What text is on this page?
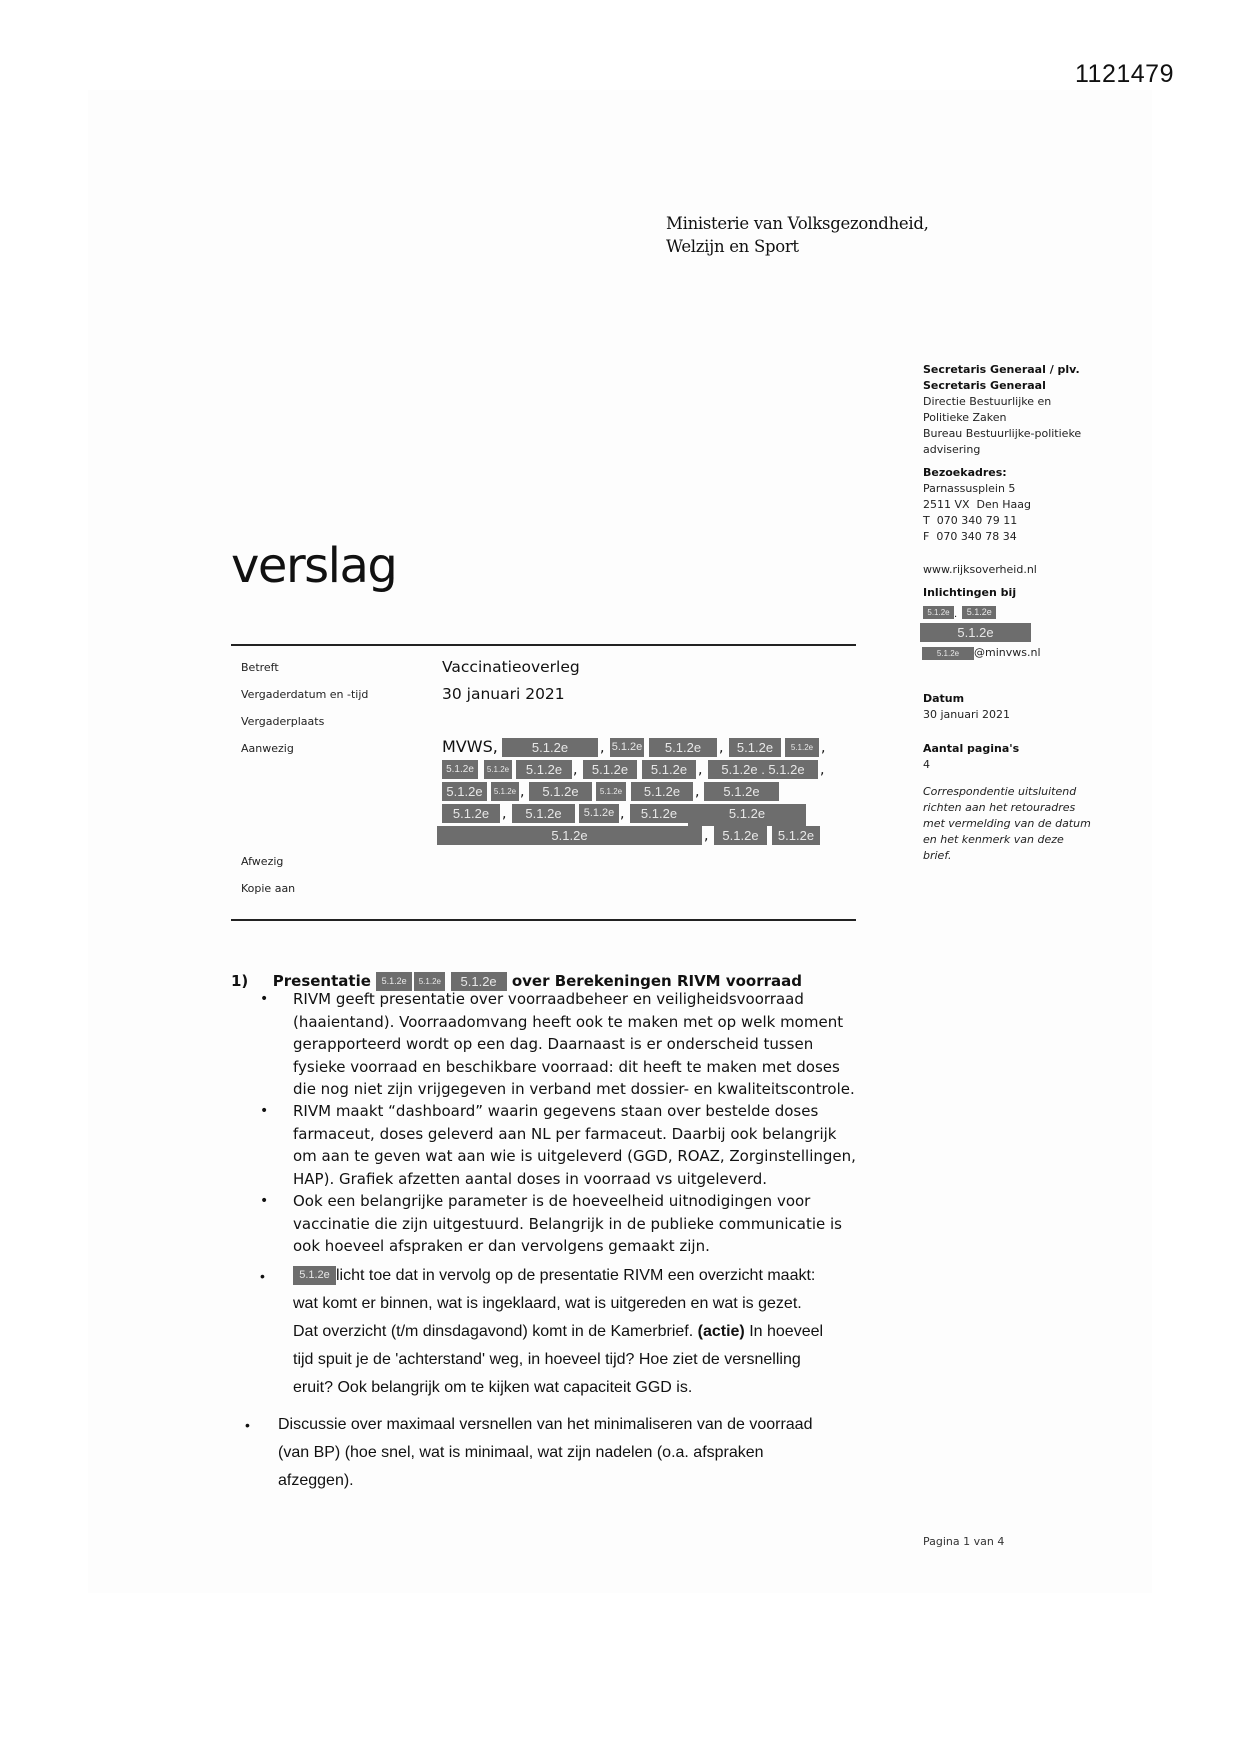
1121479
Ministerie van Volksgezondheid,
Welzijn en Sport
verslag
Secretaris Generaal / plv.
Secretaris Generaal
Directie Bestuurlijke en
Politieke Zaken
Bureau Bestuurlijke-politieke
advisering
Bezoekadres:
Parnassusplein 5
2511 VX  Den Haag
T  070 340 79 11
F  070 340 78 34
www.rijksoverheid.nl
Inlichtingen bij
5.1.2e . 5.1.2e
5.1.2e
5.1.2e @minvws.nl
Datum
30 januari 2021
Aantal pagina's
4
Correspondentie uitsluitend
richten aan het retouradres
met vermelding van de datum
en het kenmerk van deze
brief.
Betreft	Vaccinatieoverleg
Vergaderdatum en -tijd	30 januari 2021
Vergaderplaats
Aanwezig	MVWS,	5.1.2e	, 5.1.2e	5.1.2e	,	5.1.2e	5.1.2e ,
5.1.2e	5.1.2e	5.1.2e ,	5.1.2e	5.1.2e ,	5.1.2e . 5.1.2e	,
5.1.2e	5.1.2e ,	5.1.2e	5.1.2e	5.1.2e	,	5.1.2e
5.1.2e ,	5.1.2e	5.1.2e ,	5.1.2e	5.1.2e
5.1.2e	,	5.1.2e	5.1.2e
Afwezig
Kopie aan
1) Presentatie 5.1.2e 5.1.2e 5.1.2e over Berekeningen RIVM voorraad
• RIVM geeft presentatie over voorraadbeheer en veiligheidsvoorraad
(haaientand). Voorraadomvang heeft ook te maken met op welk moment
gerapporteerd wordt op een dag. Daarnaast is er onderscheid tussen
fysieke voorraad en beschikbare voorraad: dit heeft te maken met doses
die nog niet zijn vrijgegeven in verband met dossier- en kwaliteitscontrole.
• RIVM maakt “dashboard” waarin gegevens staan over bestelde doses
farmaceut, doses geleverd aan NL per farmaceut. Daarbij ook belangrijk
om aan te geven wat aan wie is uitgeleverd (GGD, ROAZ, Zorginstellingen,
HAP). Grafiek afzetten aantal doses in voorraad vs uitgeleverd.
• Ook een belangrijke parameter is de hoeveelheid uitnodigingen voor
vaccinatie die zijn uitgestuurd. Belangrijk in de publieke communicatie is
ook hoeveel afspraken er dan vervolgens gemaakt zijn.
•	5.1.2e licht toe dat in vervolg op de presentatie RIVM een overzicht maakt:
wat komt er binnen, wat is ingeklaard, wat is uitgereden en wat is gezet.
Dat overzicht (t/m dinsdagavond) komt in de Kamerbrief. (actie) In hoeveel
tijd spuit je de 'achterstand' weg, in hoeveel tijd? Hoe ziet de versnelling
eruit? Ook belangrijk om te kijken wat capaciteit GGD is.
• Discussie over maximaal versnellen van het minimaliseren van de voorraad
(van BP) (hoe snel, wat is minimaal, wat zijn nadelen (o.a. afspraken
afzeggen).
Pagina 1 van 4
